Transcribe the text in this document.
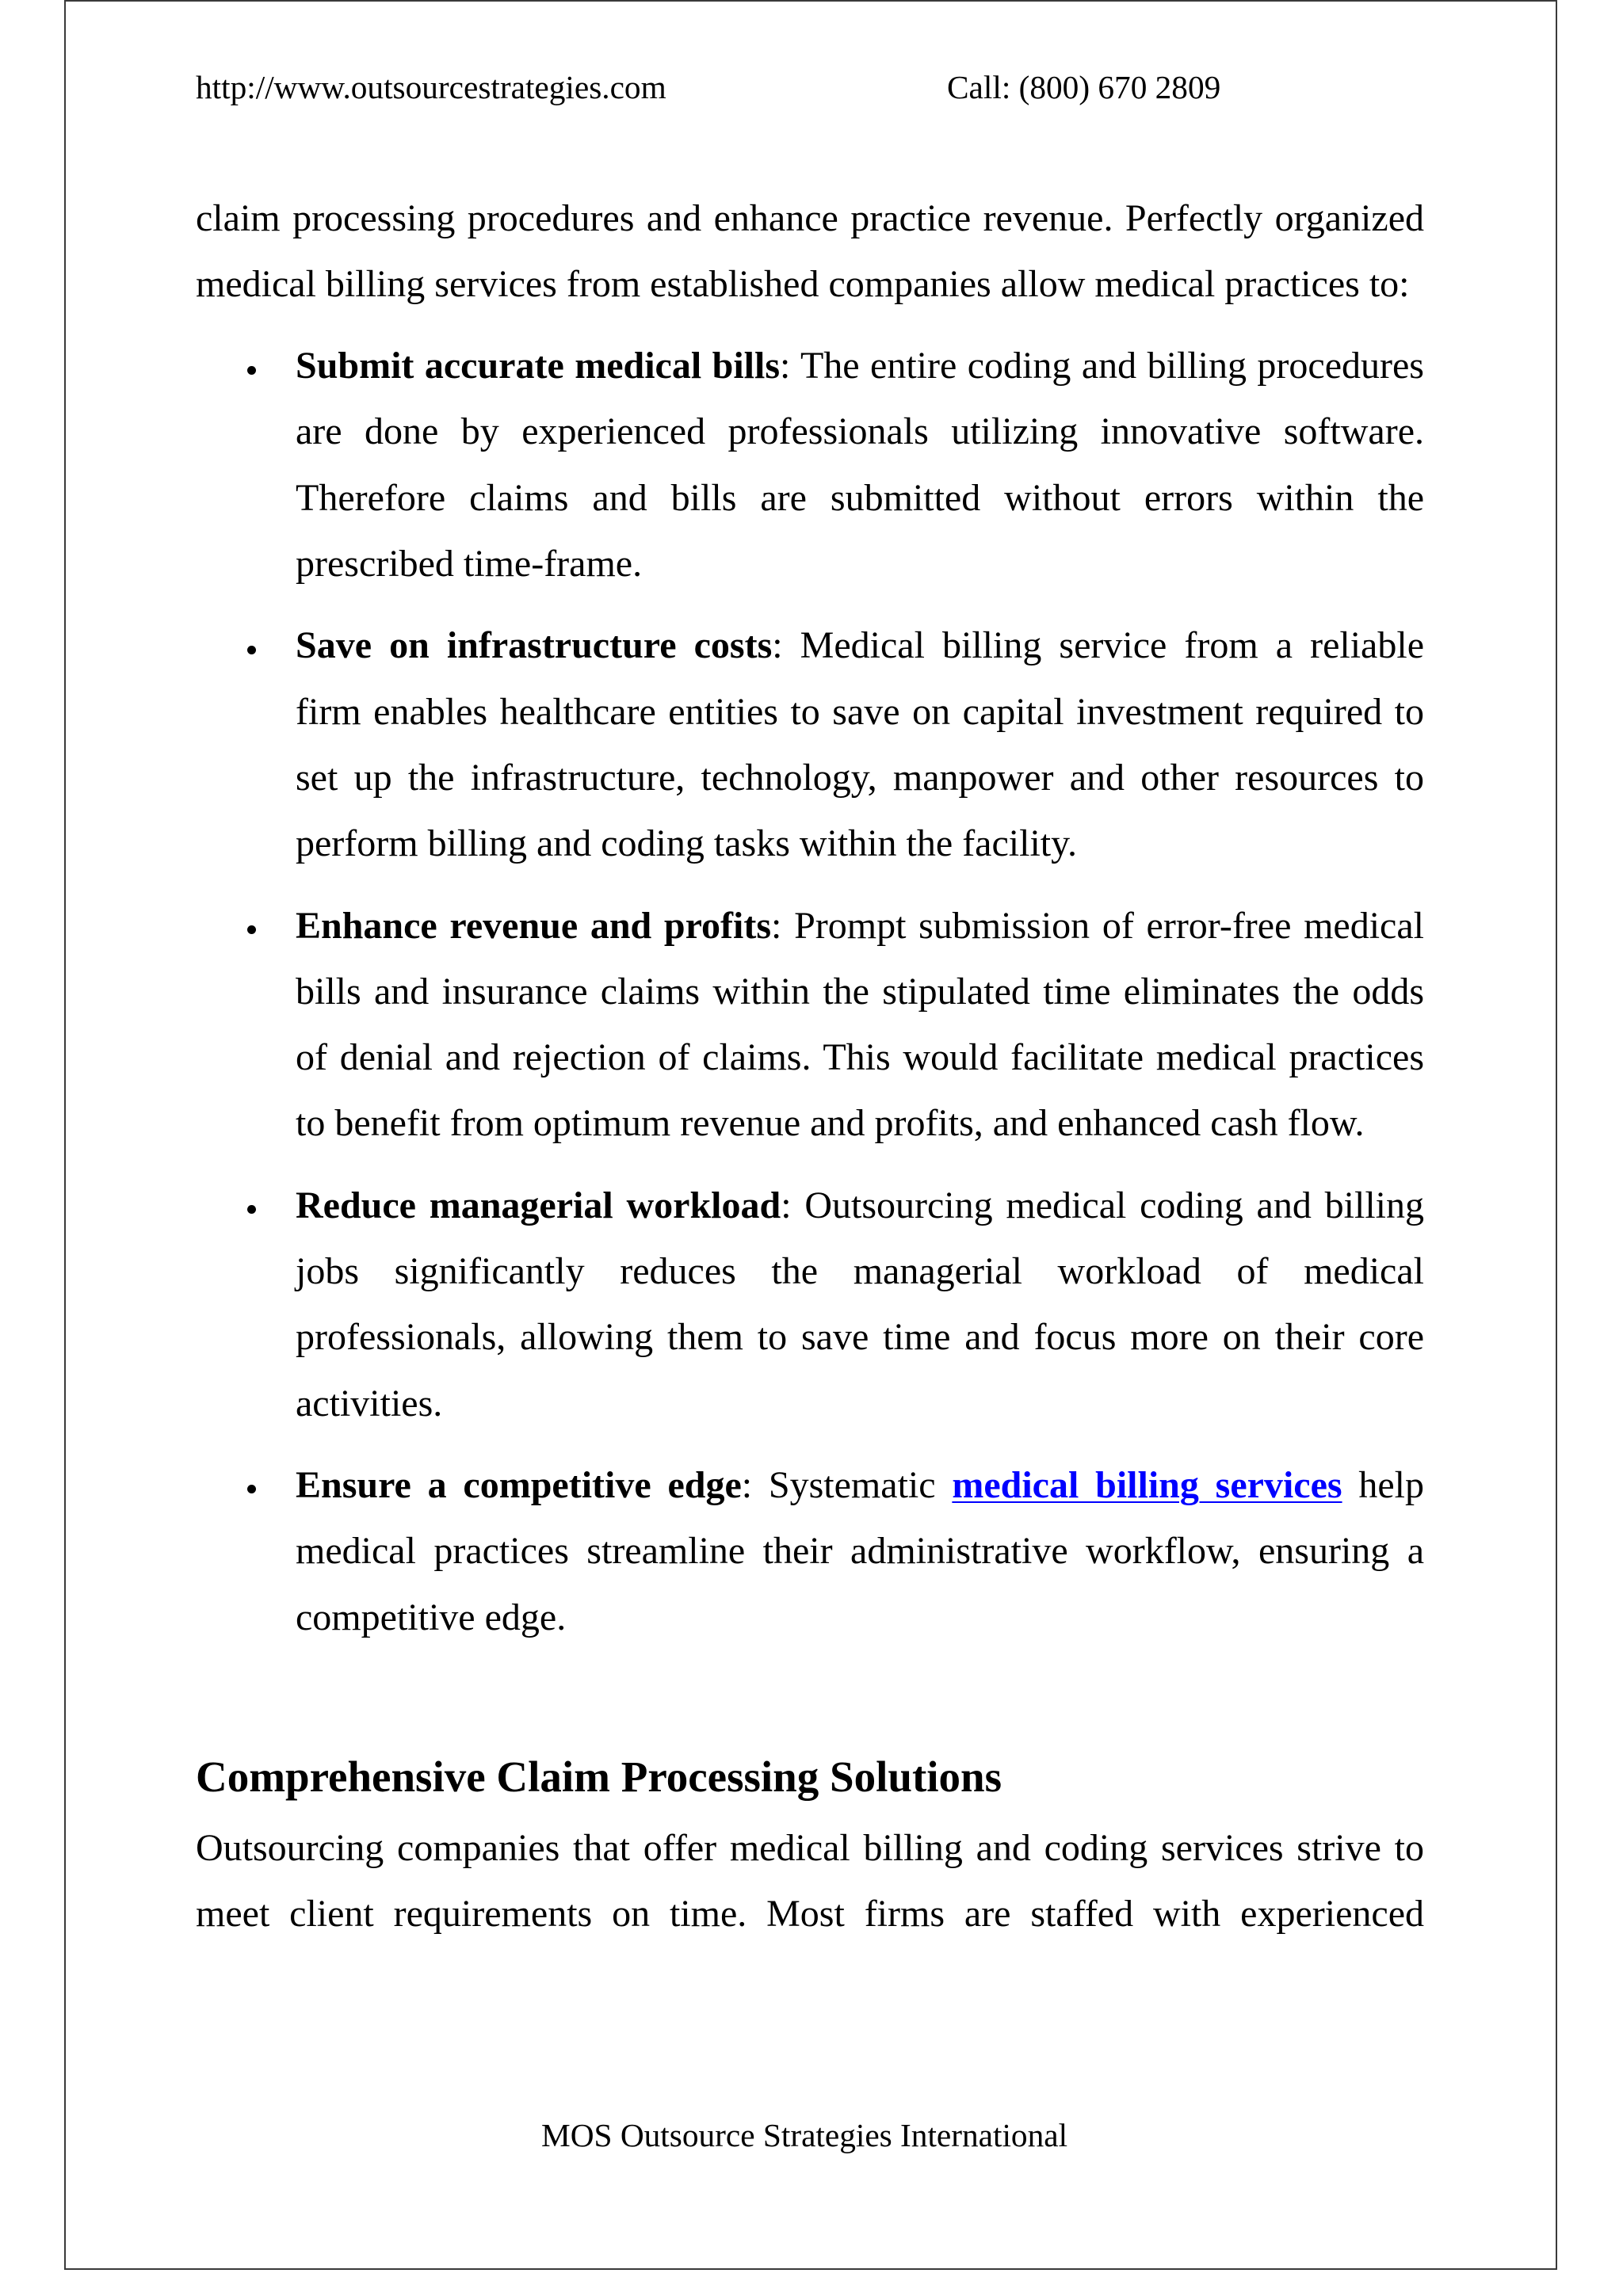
http://www.outsourcestrategies.com	Call: (800) 670 2809
claim processing procedures and enhance practice revenue. Perfectly organized
medical billing services from established companies allow medical practices to:
Submit accurate medical bills: The entire coding and billing procedures
are done by experienced professionals utilizing innovative software.
Therefore claims and bills are submitted without errors within the
prescribed time-frame.
Save on infrastructure costs: Medical billing service from a reliable
firm enables healthcare entities to save on capital investment required to
set up the infrastructure, technology, manpower and other resources to
perform billing and coding tasks within the facility.
Enhance revenue and profits: Prompt submission of error-free medical
bills and insurance claims within the stipulated time eliminates the odds
of denial and rejection of claims. This would facilitate medical practices
to benefit from optimum revenue and profits, and enhanced cash flow.
Reduce managerial workload: Outsourcing medical coding and billing
jobs significantly reduces the managerial workload of medical
professionals, allowing them to save time and focus more on their core
activities.
Ensure a competitive edge: Systematic medical billing services help
medical practices streamline their administrative workflow, ensuring a
competitive edge.
Comprehensive Claim Processing Solutions
Outsourcing companies that offer medical billing and coding services strive to
meet client requirements on time. Most firms are staffed with experienced
MOS Outsource Strategies International
